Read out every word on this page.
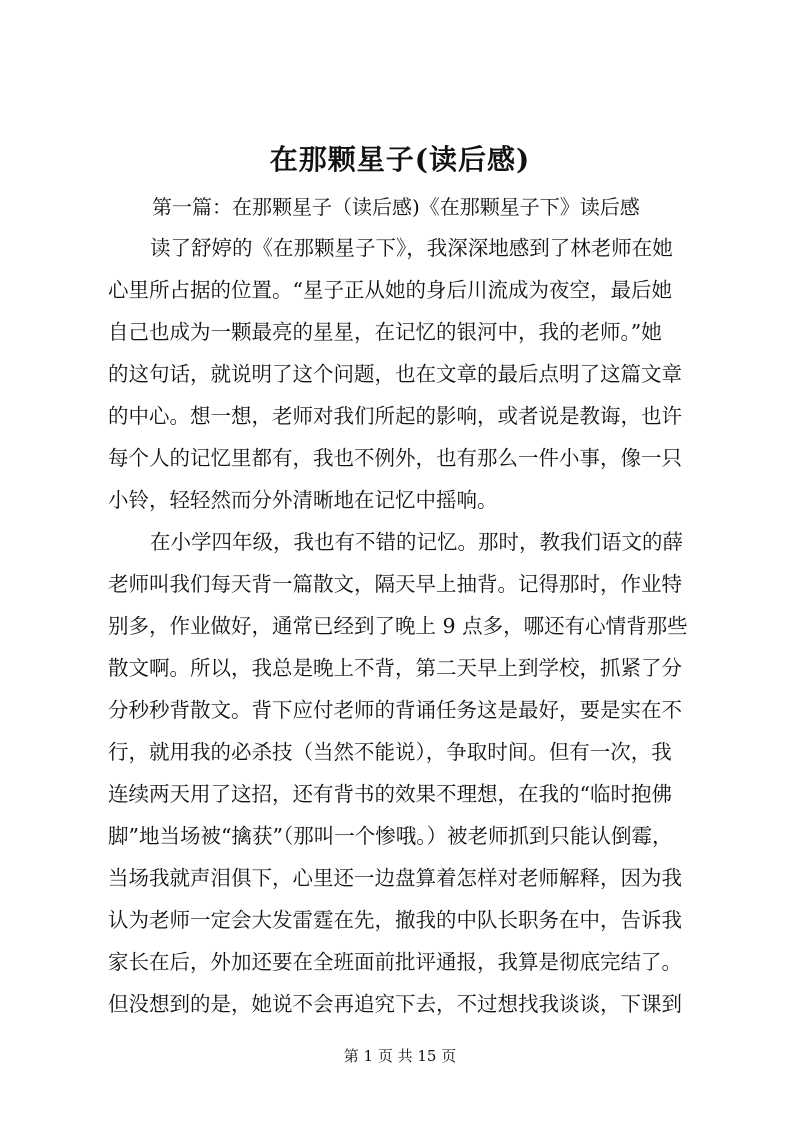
在那颗星子(读后感)
第一篇：在那颗星子（读后感)《在那颗星子下》读后感
读了舒婷的《在那颗星子下》，我深深地感到了林老师在她
心里所占据的位置。“星子正从她的身后川流成为夜空，最后她
自己也成为一颗最亮的星星，在记忆的银河中，我的老师。”她
的这句话，就说明了这个问题，也在文章的最后点明了这篇文章
的中心。想一想，老师对我们所起的影响，或者说是教诲，也许
每个人的记忆里都有，我也不例外，也有那么一件小事，像一只
小铃，轻轻然而分外清晰地在记忆中摇响。
在小学四年级，我也有不错的记忆。那时，教我们语文的薛
老师叫我们每天背一篇散文，隔天早上抽背。记得那时，作业特
别多，作业做好，通常已经到了晚上 9 点多，哪还有心情背那些
散文啊。所以，我总是晚上不背，第二天早上到学校，抓紧了分
分秒秒背散文。背下应付老师的背诵任务这是最好，要是实在不
行，就用我的必杀技（当然不能说），争取时间。但有一次，我
连续两天用了这招，还有背书的效果不理想，在我的“临时抱佛
脚”地当场被“擒获”（那叫一个惨哦。）被老师抓到只能认倒霉，
当场我就声泪俱下，心里还一边盘算着怎样对老师解释，因为我
认为老师一定会大发雷霆在先，撤我的中队长职务在中，告诉我
家长在后，外加还要在全班面前批评通报，我算是彻底完结了。
但没想到的是，她说不会再追究下去，不过想找我谈谈，下课到
第 1 页 共 15 页
